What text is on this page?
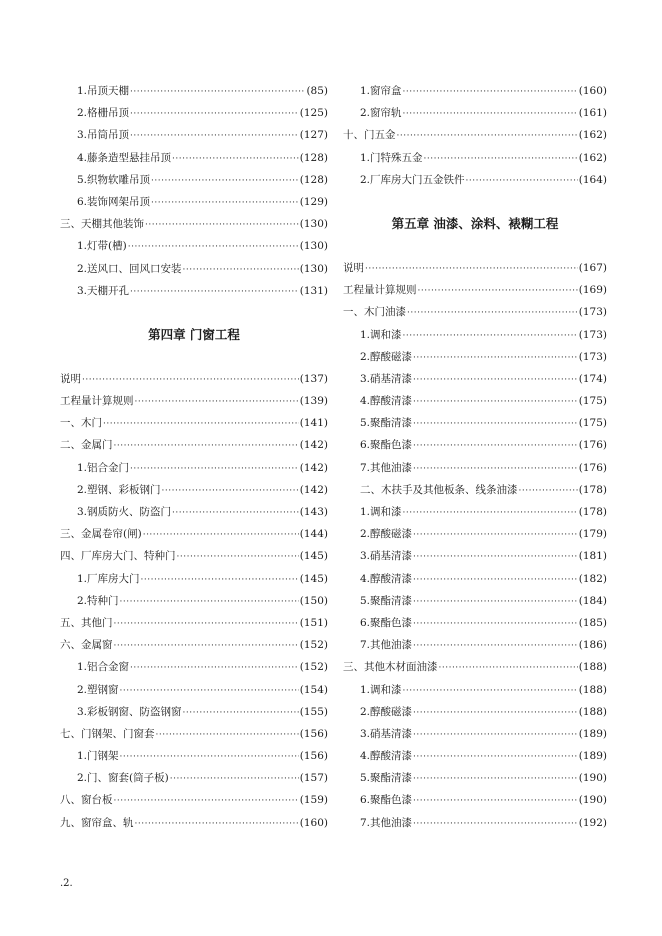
1.吊顶天棚 ·····	(85)
2.格栅吊顶 ·····	(125)
3.吊筒吊顶 ·····	(127)
4.藤条造型悬挂吊顶 ·····	(128)
5.织物软雕吊顶 ·····	(128)
6.装饰网架吊顶 ·····	(129)
三、天棚其他装饰 ·····	(130)
1.灯带(槽) ·····	(130)
2.送风口、回风口安装 ·····	(130)
3.天棚开孔 ·····	(131)
第四章 门窗工程
说明 ·····	(137)
工程量计算规则 ·····	(139)
一、木门 ·····	(141)
二、金属门 ·····	(142)
1.铝合金门 ·····	(142)
2.塑钢、彩板钢门 ·····	(142)
3.钢质防火、防盗门 ·····	(143)
三、金属卷帘(闸) ·····	(144)
四、厂库房大门、特种门 ·····	(145)
1.厂库房大门 ·····	(145)
2.特种门 ·····	(150)
五、其他门 ·····	(151)
六、金属窗 ·····	(152)
1.铝合金窗 ·····	(152)
2.塑钢窗 ·····	(154)
3.彩板钢窗、防盗钢窗 ·····	(155)
七、门钢架、门窗套 ·····	(156)
1.门钢架 ·····	(156)
2.门、窗套(筒子板) ·····	(157)
八、窗台板 ·····	(159)
九、窗帘盒、轨 ·····	(160)
1.窗帘盒 ·····	(160)
2.窗帘轨 ·····	(161)
十、门五金 ·····	(162)
1.门特殊五金 ·····	(162)
2.厂库房大门五金铁件 ·····	(164)
第五章 油漆、涂料、裱糊工程
说明 ·····	(167)
工程量计算规则 ·····	(169)
一、木门油漆 ·····	(173)
1.调和漆 ·····	(173)
2.醇酸磁漆 ·····	(173)
3.硝基清漆 ·····	(174)
4.醇酸清漆 ·····	(175)
5.聚酯清漆 ·····	(175)
6.聚酯色漆 ·····	(176)
7.其他油漆 ·····	(176)
二、木扶手及其他板条、线条油漆 ·····	(178)
1.调和漆 ·····	(178)
2.醇酸磁漆 ·····	(179)
3.硝基清漆 ·····	(181)
4.醇酸清漆 ·····	(182)
5.聚酯清漆 ·····	(184)
6.聚酯色漆 ·····	(185)
7.其他油漆 ·····	(186)
三、其他木材面油漆 ·····	(188)
1.调和漆 ·····	(188)
2.醇酸磁漆 ·····	(188)
3.硝基清漆 ·····	(189)
4.醇酸清漆 ·····	(189)
5.聚酯清漆 ·····	(190)
6.聚酯色漆 ·····	(190)
7.其他油漆 ·····	(192)
.2.
